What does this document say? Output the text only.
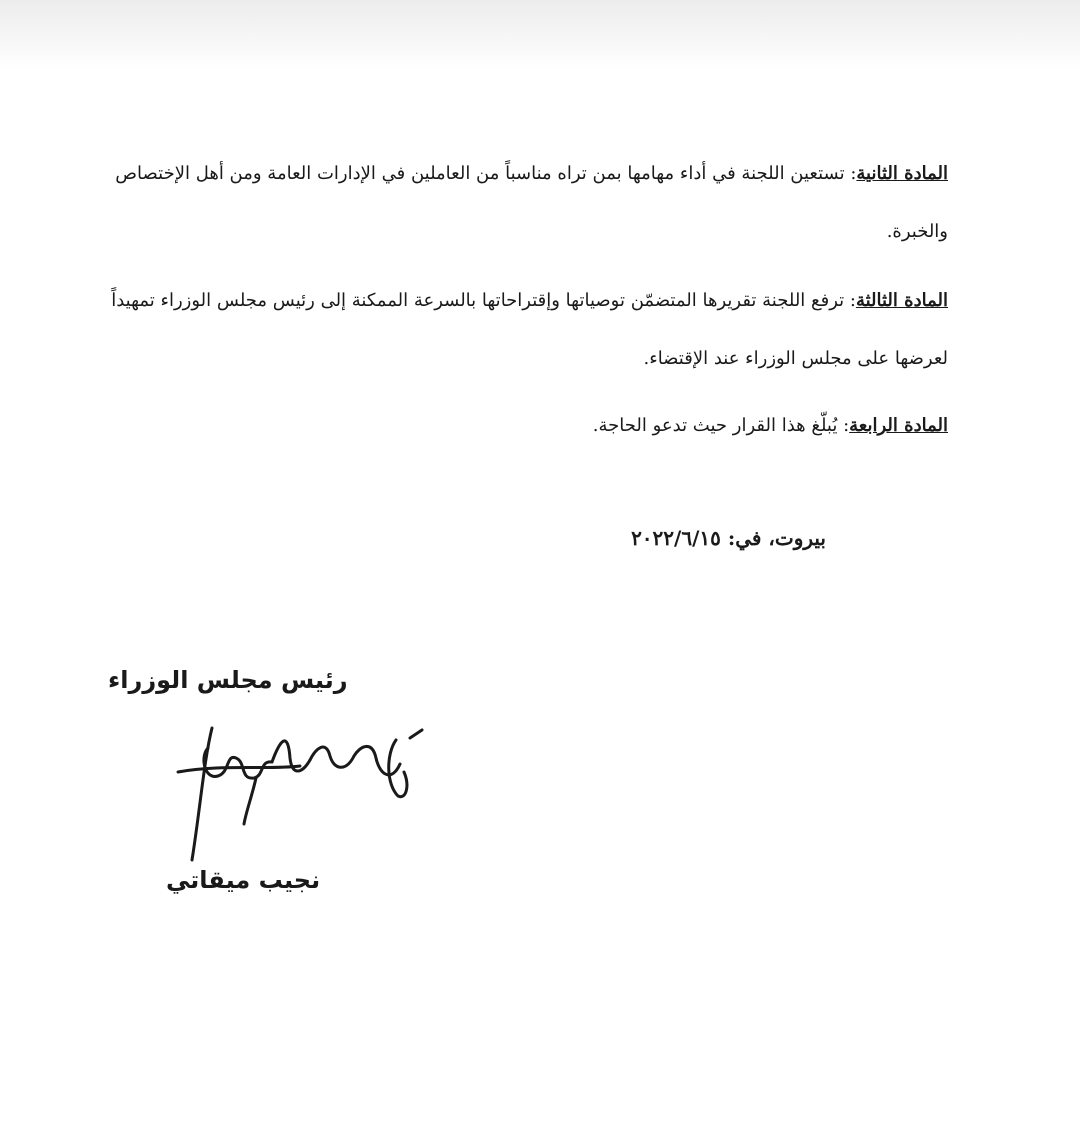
المادة الثانية: تستعين اللجنة في أداء مهامها بمن تراه مناسباً من العاملين في الإدارات العامة ومن أهل الإختصاص والخبرة.

المادة الثالثة: ترفع اللجنة تقريرها المتضمّن توصياتها وإقتراحاتها بالسرعة الممكنة إلى رئيس مجلس الوزراء تمهيداً لعرضها على مجلس الوزراء عند الإقتضاء.

المادة الرابعة: يُبلّغ هذا القرار حيث تدعو الحاجة.

بيروت، في: ٢٠٢٢/٦/١٥
رئيس مجلس الوزراء
نجيب ميقاتي
